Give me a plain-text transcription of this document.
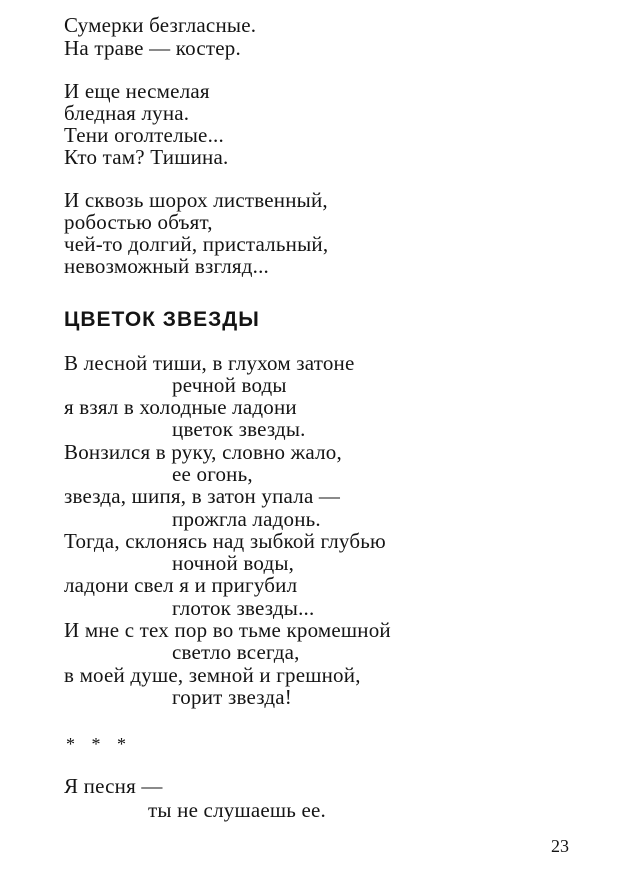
Сумерки безгласные.

На траве — костер.

И еще несмелая

бледная луна.

Тени оголтелые...

Кто там? Тишина.

И сквозь шорох лиственный,

робостью объят,

чей-то долгий, пристальный,

невозможный взгляд...

ЦВЕТОК ЗВЕЗДЫ

В лесной тиши, в глухом затоне

речной воды

я взял в холодные ладони

цветок звезды.

Вонзился в руку, словно жало,

ее огонь,

звезда, шипя, в затон упала —

прожгла ладонь.

Тогда, склонясь над зыбкой глубью

ночной воды,

ладони свел я и пригубил

глоток звезды...

И мне с тех пор во тьме кромешной

светло всегда,

в моей душе, земной и грешной,

горит звезда!

* * *

Я песня —

ты не слушаешь ее.

23
